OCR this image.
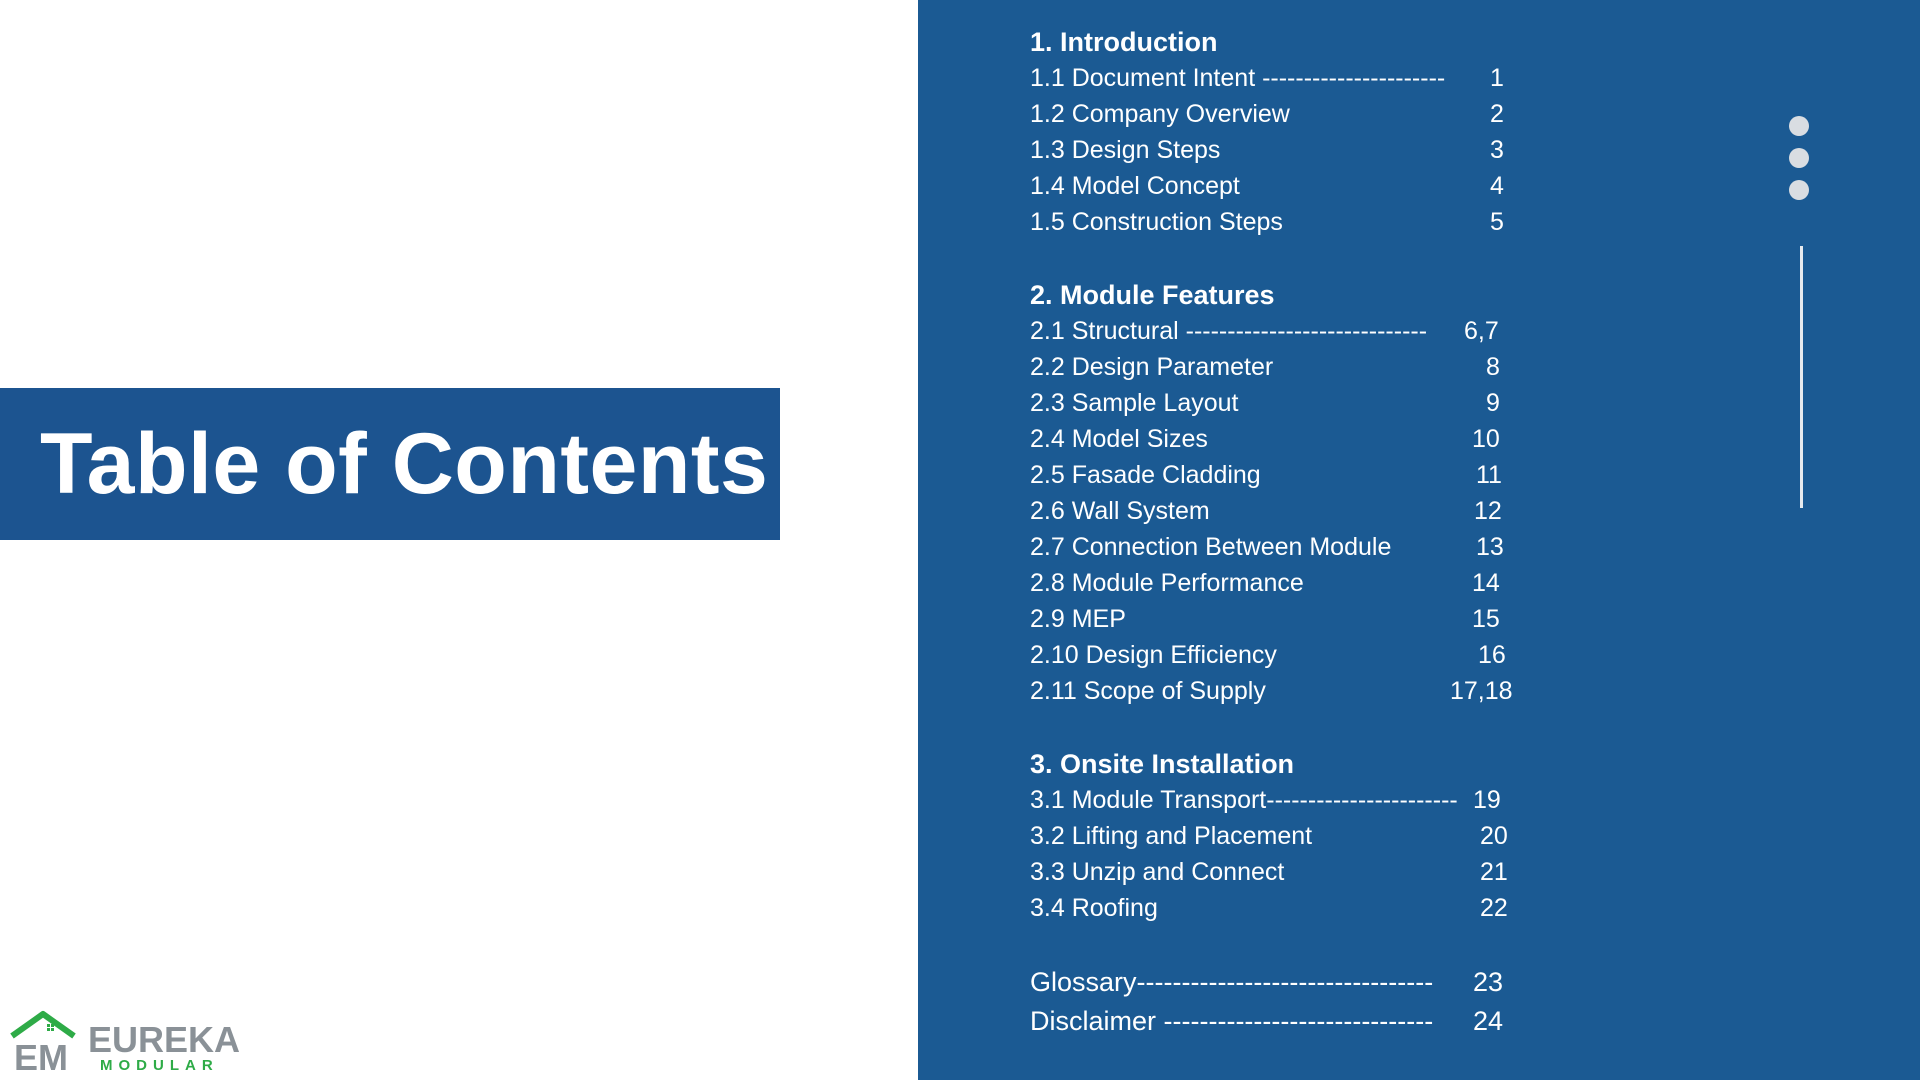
Table of Contents
EM EUREKA
MODULAR
1. Introduction
1.1 Document Intent ---------------------- 1
1.2 Company Overview	2
1.3 Design Steps	3
1.4 Model Concept	4
1.5 Construction Steps	5
2. Module Features
2.1 Structural ----------------------------- 6,7
2.2 Design Parameter	8
2.3 Sample Layout	9
2.4 Model Sizes	10
2.5 Fasade Cladding	11
2.6 Wall System	12
2.7 Connection Between Module	13
2.8 Module Performance	14
2.9 MEP	15
2.10 Design Efficiency	16
2.11 Scope of Supply	17,18
3. Onsite Installation
3.1 Module Transport----------------------- 19
3.2 Lifting and Placement	20
3.3 Unzip and Connect	21
3.4 Roofing	22
Glossary--------------------------------- 23
Disclaimer ------------------------------ 24
